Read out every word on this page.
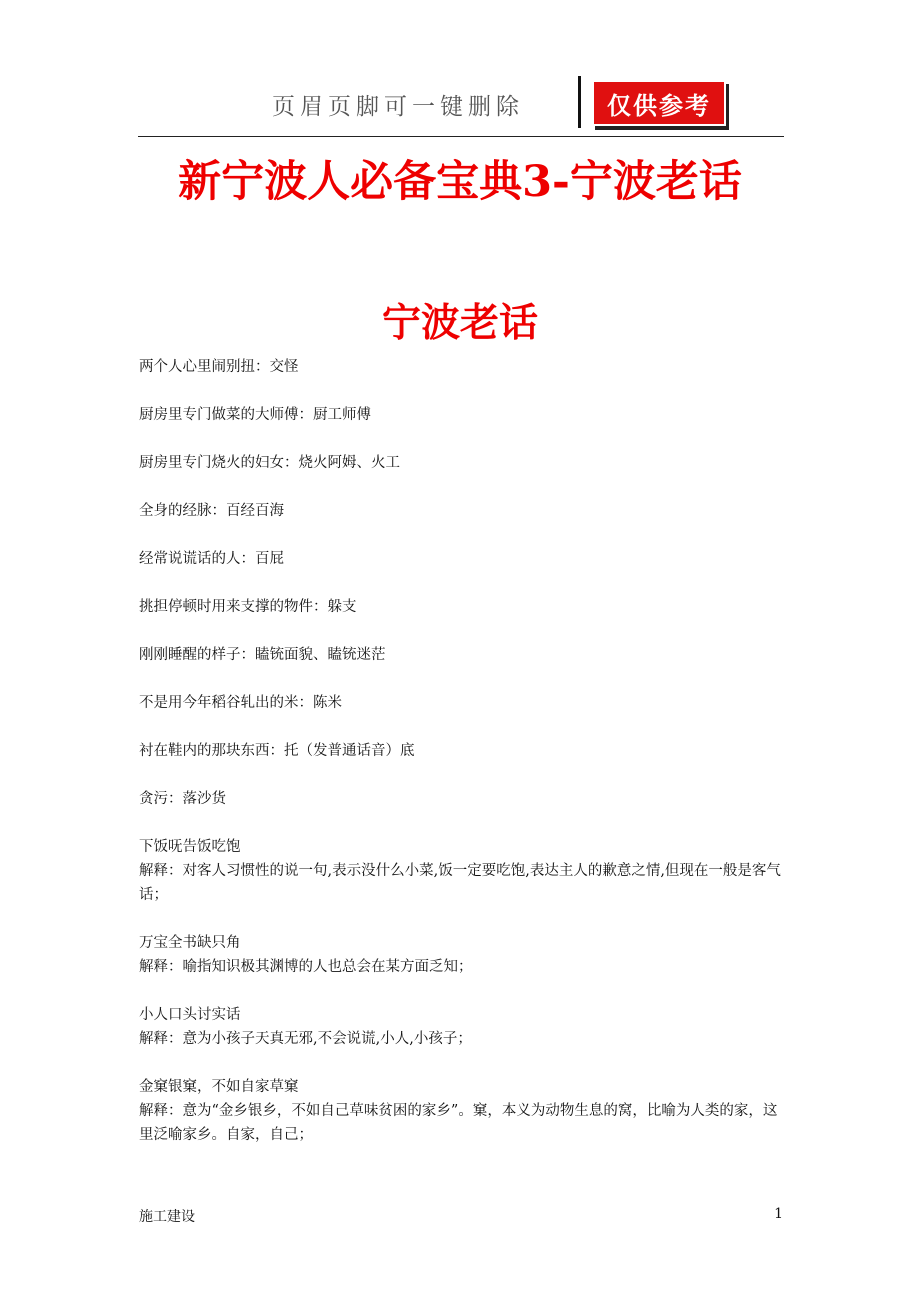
页眉页脚可一键删除	仅供参考
新宁波人必备宝典3-宁波老话
宁波老话

两个人心里闹别扭：交怪

厨房里专门做菜的大师傅：厨工师傅

厨房里专门烧火的妇女：烧火阿姆、火工

全身的经脉：百经百海

经常说谎话的人：百屁

挑担停顿时用来支撑的物件：躲支

刚刚睡醒的样子：瞌铳面貌、瞌铳迷茫

不是用今年稻谷轧出的米：陈米

衬在鞋内的那块东西：托（发普通话音）底

贪污：落沙货

下饭呒告饭吃饱

解释：对客人习惯性的说一句,表示没什么小菜,饭一定要吃饱,表达主人的歉意之情,但现在一般是客气话；

万宝全书缺只角

解释：喻指知识极其渊博的人也总会在某方面乏知；

小人口头讨实话

解释：意为小孩子天真无邪,不会说谎,小人,小孩子；

金窠银窠，不如自家草窠

解释：意为“金乡银乡，不如自己草味贫困的家乡”。窠，本义为动物生息的窝，比喻为人类的家，这里泛喻家乡。自家，自己；

施工建设	1
